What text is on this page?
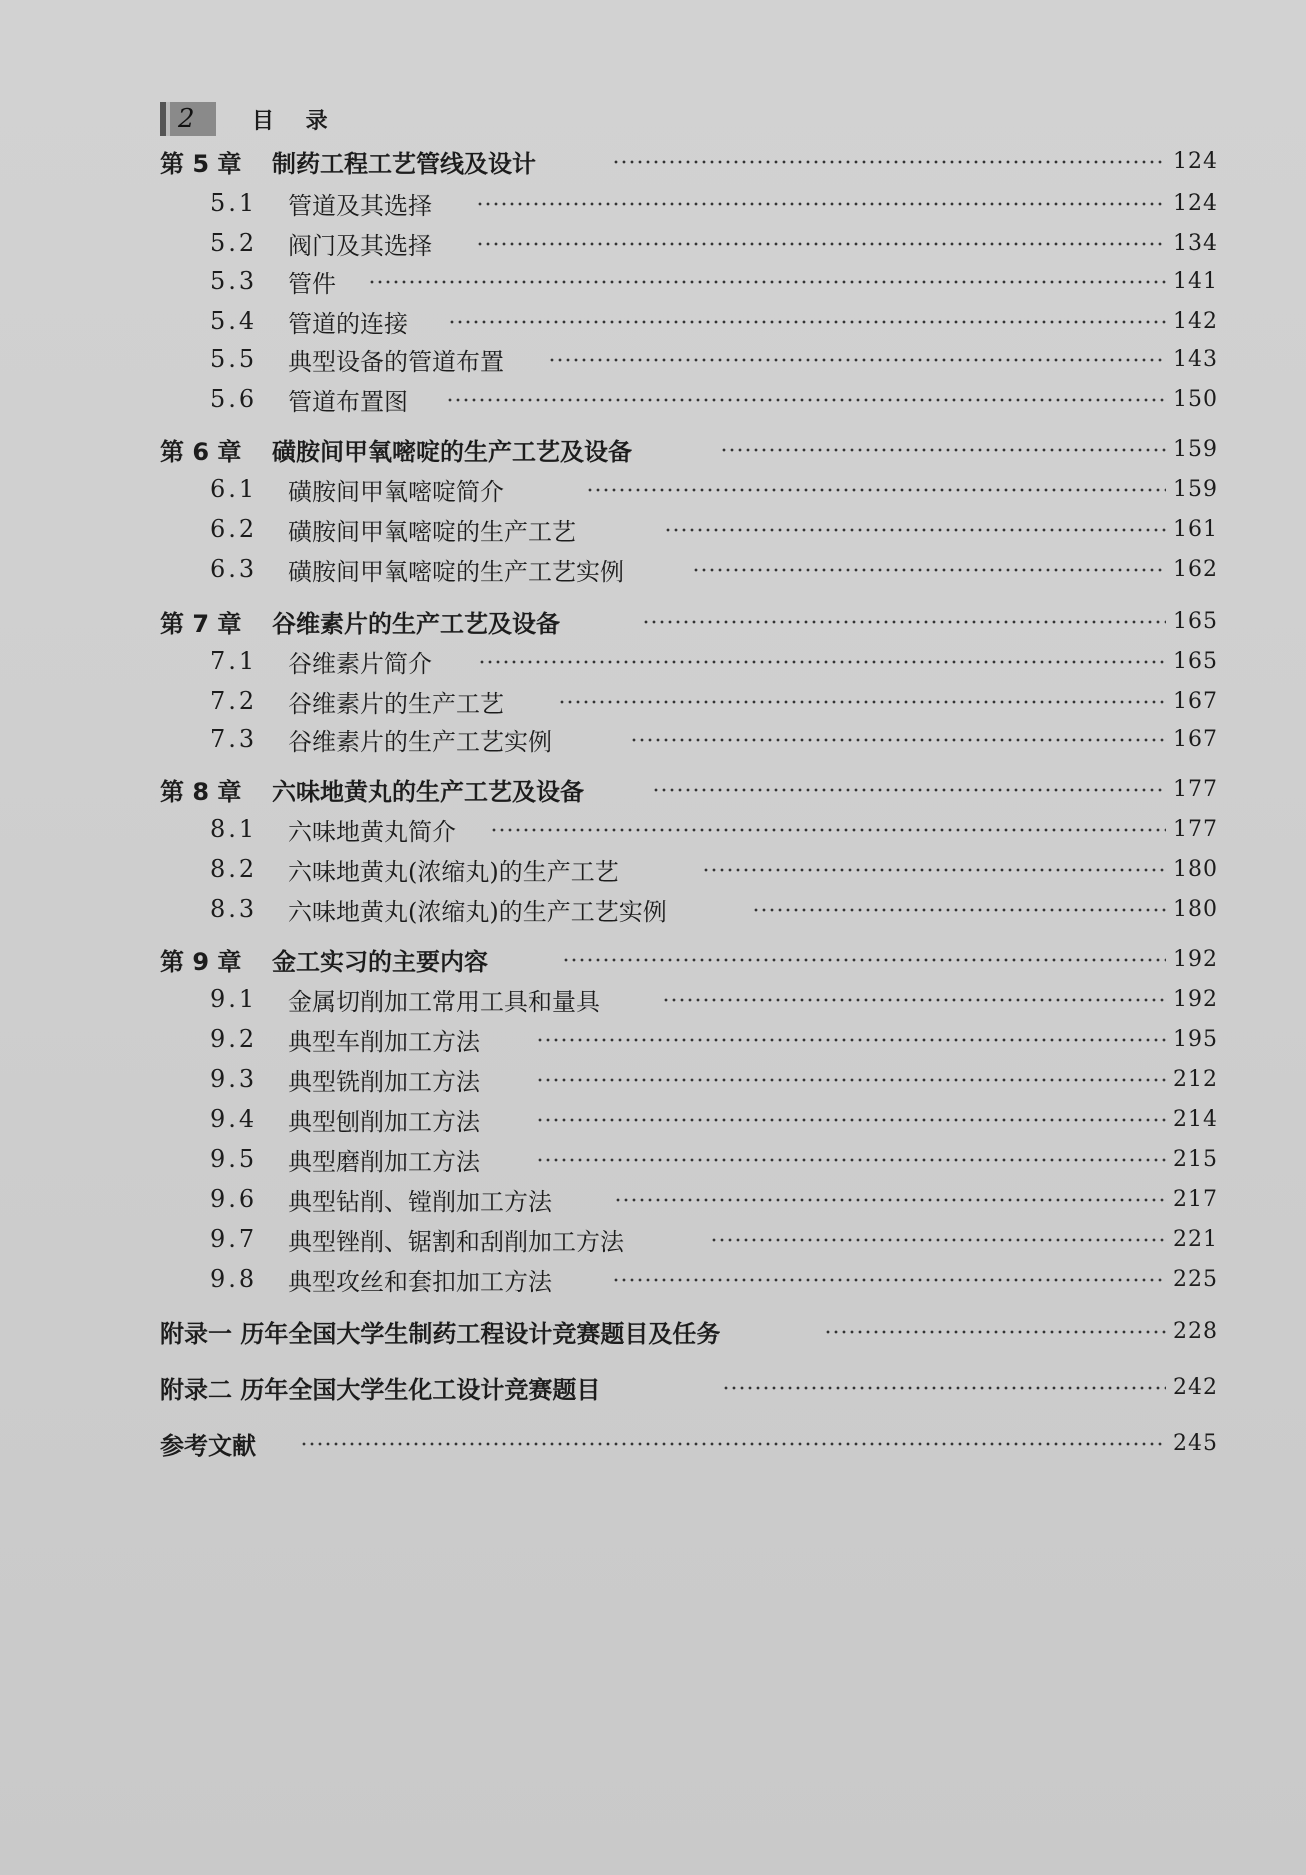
2	目 录
第 5 章 制药工程工艺管线及设计	124
5.1 管道及其选择	124
5.2 阀门及其选择	134
5.3 管件	141
5.4 管道的连接	142
5.5 典型设备的管道布置	143
5.6 管道布置图	150
第 6 章 磺胺间甲氧嘧啶的生产工艺及设备	159
6.1 磺胺间甲氧嘧啶简介	159
6.2 磺胺间甲氧嘧啶的生产工艺	161
6.3 磺胺间甲氧嘧啶的生产工艺实例	162
第 7 章 谷维素片的生产工艺及设备	165
7.1 谷维素片简介	165
7.2 谷维素片的生产工艺	167
7.3 谷维素片的生产工艺实例	167
第 8 章 六味地黄丸的生产工艺及设备	177
8.1 六味地黄丸简介	177
8.2 六味地黄丸(浓缩丸)的生产工艺	180
8.3 六味地黄丸(浓缩丸)的生产工艺实例	180
第 9 章 金工实习的主要内容	192
9.1 金属切削加工常用工具和量具	192
9.2 典型车削加工方法	195
9.3 典型铣削加工方法	212
9.4 典型刨削加工方法	214
9.5 典型磨削加工方法	215
9.6 典型钻削、镗削加工方法	217
9.7 典型锉削、锯割和刮削加工方法	221
9.8 典型攻丝和套扣加工方法	225
附录一 历年全国大学生制药工程设计竞赛题目及任务	228
附录二 历年全国大学生化工设计竞赛题目	242
参考文献	245
